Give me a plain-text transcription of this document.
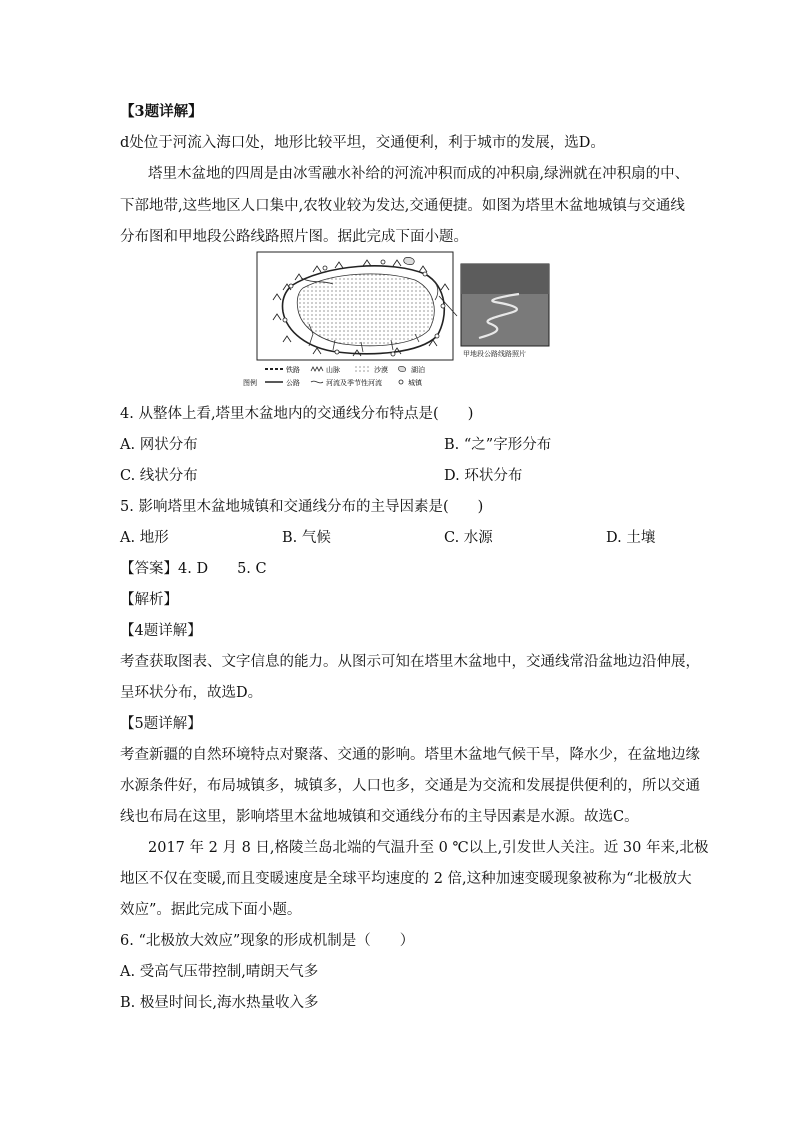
【3题详解】
d处位于河流入海口处，地形比较平坦，交通便利，利于城市的发展，选D。
塔里木盆地的四周是由冰雪融水补给的河流冲积而成的冲积扇,绿洲就在冲积扇的中、
下部地带,这些地区人口集中,农牧业较为发达,交通便捷。如图为塔里木盆地城镇与交通线
分布图和甲地段公路线路照片图。据此完成下面小题。
甲地段公路线路照片
图例
铁路	山脉	沙漠	湖泊
公路	河流及季节性河流	城镇
4. 从整体上看,塔里木盆地内的交通线分布特点是(　　)
A. 网状分布	B. “之”字形分布
C. 线状分布	D. 环状分布
5. 影响塔里木盆地城镇和交通线分布的主导因素是(　　)
A. 地形	B. 气候	C. 水源	D. 土壤
【答案】4. D　　5. C
【解析】
【4题详解】
考查获取图表、文字信息的能力。从图示可知在塔里木盆地中，交通线常沿盆地边沿伸展，
呈环状分布，故选D。
【5题详解】
考查新疆的自然环境特点对聚落、交通的影响。塔里木盆地气候干旱，降水少，在盆地边缘
水源条件好，布局城镇多，城镇多，人口也多，交通是为交流和发展提供便利的，所以交通
线也布局在这里，影响塔里木盆地城镇和交通线分布的主导因素是水源。故选C。
2017 年 2 月 8 日,格陵兰岛北端的气温升至 0 ℃以上,引发世人关注。近 30 年来,北极
地区不仅在变暖,而且变暖速度是全球平均速度的 2 倍,这种加速变暖现象被称为“北极放大
效应”。据此完成下面小题。
6. “北极放大效应”现象的形成机制是（　　）
A. 受高气压带控制,晴朗天气多
B. 极昼时间长,海水热量收入多
